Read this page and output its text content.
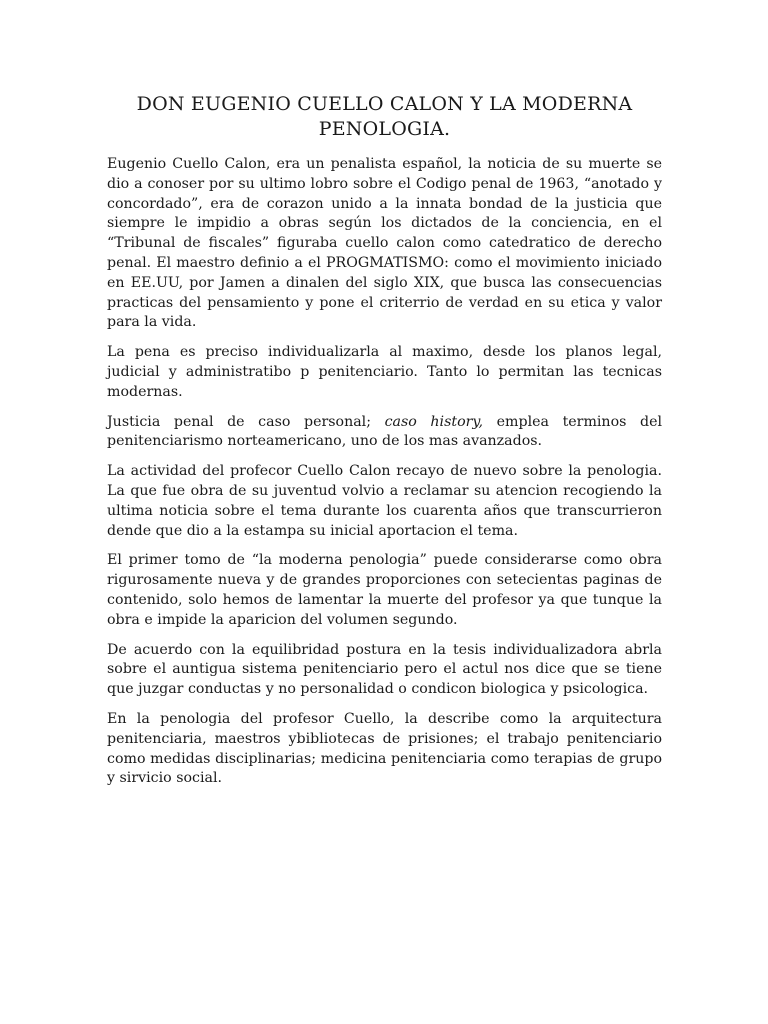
DON EUGENIO CUELLO CALON Y LA MODERNA PENOLOGIA.

Eugenio Cuello Calon, era un penalista español, la noticia de su muerte se dio a conoser por su ultimo lobro sobre el Codigo penal de 1963, “anotado y concordado”, era de corazon unido a la innata bondad de la justicia que siempre le impidio a obras según los dictados de la conciencia, en el “Tribunal de fiscales” figuraba cuello calon como catedratico de derecho penal. El maestro definio a el PROGMATISMO: como el movimiento iniciado en EE.UU, por Jamen a dinalen del siglo XIX, que busca las consecuencias practicas del pensamiento y pone el criterrio de verdad en su etica y valor para la vida.

La pena es preciso individualizarla al maximo, desde los planos legal, judicial y administratibo p penitenciario. Tanto lo permitan las tecnicas modernas.

Justicia penal de caso personal; caso history, emplea terminos del penitenciarismo norteamericano, uno de los mas avanzados.

La actividad del profecor Cuello Calon recayo de nuevo sobre la penologia. La que fue obra de su juventud volvio a reclamar su atencion recogiendo la ultima noticia sobre el tema durante los cuarenta años que transcurrieron dende que dio a la estampa su inicial aportacion el tema.

El primer tomo de “la moderna penologia” puede considerarse como obra rigurosamente nueva y de grandes proporciones con setecientas paginas de contenido, solo hemos de lamentar la muerte del profesor ya que tunque la obra e impide la aparicion del volumen segundo.

De acuerdo con la equilibridad postura en la tesis individualizadora abrla sobre el auntigua sistema penitenciario pero el actul nos dice que se tiene que juzgar conductas y no personalidad o condicon biologica y psicologica.

En la penologia del profesor Cuello, la describe como la arquitectura penitenciaria, maestros ybibliotecas de prisiones; el trabajo penitenciario como medidas disciplinarias; medicina penitenciaria como terapias de grupo y sirvicio social.
